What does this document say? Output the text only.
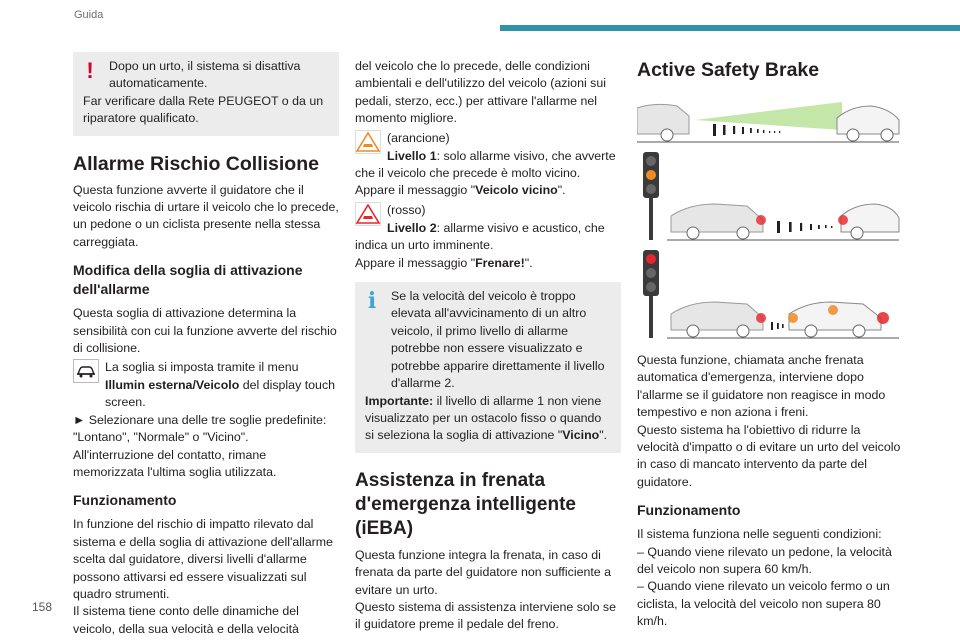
Guida
158
!	Dopo un urto, il sistema si disattiva automaticamente.

Far verificare dalla Rete PEUGEOT o da un riparatore qualificato.

Allarme Rischio Collisione

Questa funzione avverte il guidatore che il veicolo rischia di urtare il veicolo che lo precede, un pedone o un ciclista presente nella stessa carreggiata.

Modifica della soglia di attivazione dell'allarme

Questa soglia di attivazione determina la sensibilità con cui la funzione avverte del rischio di collisione.

La soglia si imposta tramite il menu Illumin esterna/Veicolo del display touch screen.

► Selezionare una delle tre soglie predefinite: "Lontano", "Normale" o "Vicino".

All'interruzione del contatto, rimane memorizzata l'ultima soglia utilizzata.

Funzionamento

In funzione del rischio di impatto rilevato dal sistema e della soglia di attivazione dell'allarme scelta dal guidatore, diversi livelli d'allarme possono attivarsi ed essere visualizzati sul quadro strumenti.

Il sistema tiene conto delle dinamiche del veicolo, della sua velocità e della velocità

del veicolo che lo precede, delle condizioni ambientali e dell'utilizzo del veicolo (azioni sui pedali, sterzo, ecc.) per attivare l'allarme nel momento migliore.

(arancione)

Livello 1: solo allarme visivo, che avverte che il veicolo che precede è molto vicino.

Appare il messaggio "Veicolo vicino".

(rosso)

Livello 2: allarme visivo e acustico, che indica un urto imminente.

Appare il messaggio "Frenare!".

i	Se la velocità del veicolo è troppo elevata all'avvicinamento di un altro veicolo, il primo livello di allarme potrebbe non essere visualizzato e potrebbe apparire direttamente il livello d'allarme 2.

Importante: il livello di allarme 1 non viene visualizzato per un ostacolo fisso o quando si seleziona la soglia di attivazione "Vicino".

Assistenza in frenata d'emergenza intelligente (iEBA)

Questa funzione integra la frenata, in caso di frenata da parte del guidatore non sufficiente a evitare un urto.

Questo sistema di assistenza interviene solo se il guidatore preme il pedale del freno.

Active Safety Brake

Questa funzione, chiamata anche frenata automatica d'emergenza, interviene dopo l'allarme se il guidatore non reagisce in modo tempestivo e non aziona i freni.

Questo sistema ha l'obiettivo di ridurre la velocità d'impatto o di evitare un urto del veicolo in caso di mancato intervento da parte del guidatore.

Funzionamento

Il sistema funziona nelle seguenti condizioni:

– Quando viene rilevato un pedone, la velocità del veicolo non supera 60 km/h.

– Quando viene rilevato un veicolo fermo o un ciclista, la velocità del veicolo non supera 80 km/h.
